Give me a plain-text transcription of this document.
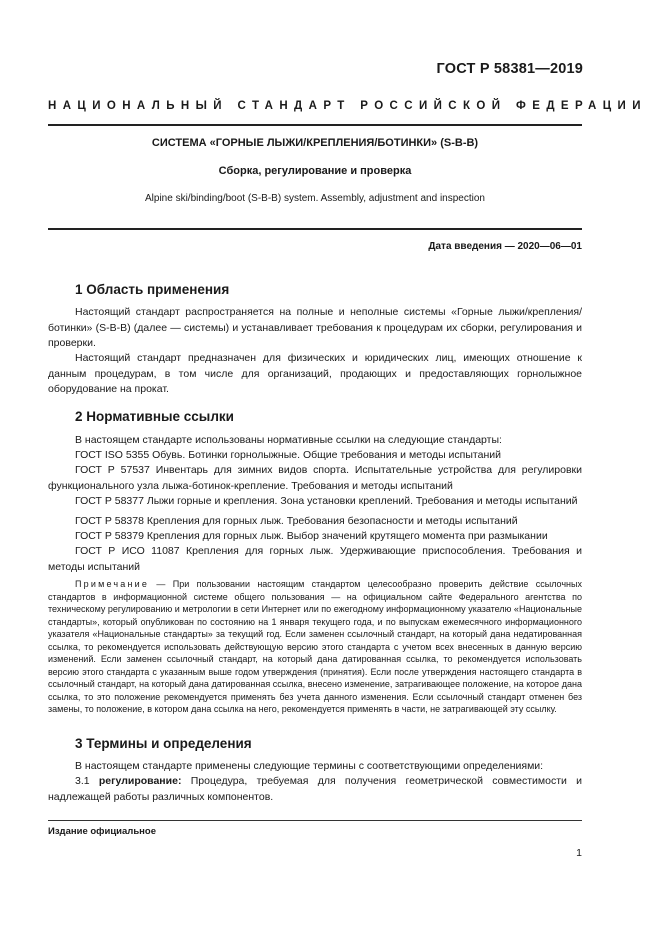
ГОСТ Р 58381—2019
НАЦИОНАЛЬНЫЙ СТАНДАРТ РОССИЙСКОЙ ФЕДЕРАЦИИ
СИСТЕМА «ГОРНЫЕ ЛЫЖИ/КРЕПЛЕНИЯ/БОТИНКИ» (S-B-B)
Сборка, регулирование и проверка
Alpine ski/binding/boot (S-B-B) system. Assembly, adjustment and inspection
Дата введения — 2020—06—01
1 Область применения
Настоящий стандарт распространяется на полные и неполные системы «Горные лыжи/крепления/ботинки» (S-B-B) (далее — системы) и устанавливает требования к процедурам их сборки, регулирования и проверки.
Настоящий стандарт предназначен для физических и юридических лиц, имеющих отношение к данным процедурам, в том числе для организаций, продающих и предоставляющих горнолыжное оборудование на прокат.
2 Нормативные ссылки
В настоящем стандарте использованы нормативные ссылки на следующие стандарты:
ГОСТ ISO 5355 Обувь. Ботинки горнолыжные. Общие требования и методы испытаний
ГОСТ Р 57537 Инвентарь для зимних видов спорта. Испытательные устройства для регулировки функционального узла лыжа-ботинок-крепление. Требования и методы испытаний
ГОСТ Р 58377 Лыжи горные и крепления. Зона установки креплений. Требования и методы испытаний
ГОСТ Р 58378 Крепления для горных лыж. Требования безопасности и методы испытаний
ГОСТ Р 58379 Крепления для горных лыж. Выбор значений крутящего момента при размыкании
ГОСТ Р ИСО 11087 Крепления для горных лыж. Удерживающие приспособления. Требования и методы испытаний
Примечание — При пользовании настоящим стандартом целесообразно проверить действие ссылочных стандартов в информационной системе общего пользования — на официальном сайте Федерального агентства по техническому регулированию и метрологии в сети Интернет или по ежегодному информационному указателю «Национальные стандарты», который опубликован по состоянию на 1 января текущего года, и по выпускам ежемесячного информационного указателя «Национальные стандарты» за текущий год. Если заменен ссылочный стандарт, на который дана недатированная ссылка, то рекомендуется использовать действующую версию этого стандарта с учетом всех внесенных в данную версию изменений. Если заменен ссылочный стандарт, на который дана датированная ссылка, то рекомендуется использовать версию этого стандарта с указанным выше годом утверждения (принятия). Если после утверждения настоящего стандарта в ссылочный стандарт, на который дана датированная ссылка, внесено изменение, затрагивающее положение, на которое дана ссылка, то это положение рекомендуется применять без учета данного изменения. Если ссылочный стандарт отменен без замены, то положение, в котором дана ссылка на него, рекомендуется применять в части, не затрагивающей эту ссылку.
3 Термины и определения
В настоящем стандарте применены следующие термины с соответствующими определениями:
3.1 регулирование: Процедура, требуемая для получения геометрической совместимости и надлежащей работы различных компонентов.
Издание официальное
1
